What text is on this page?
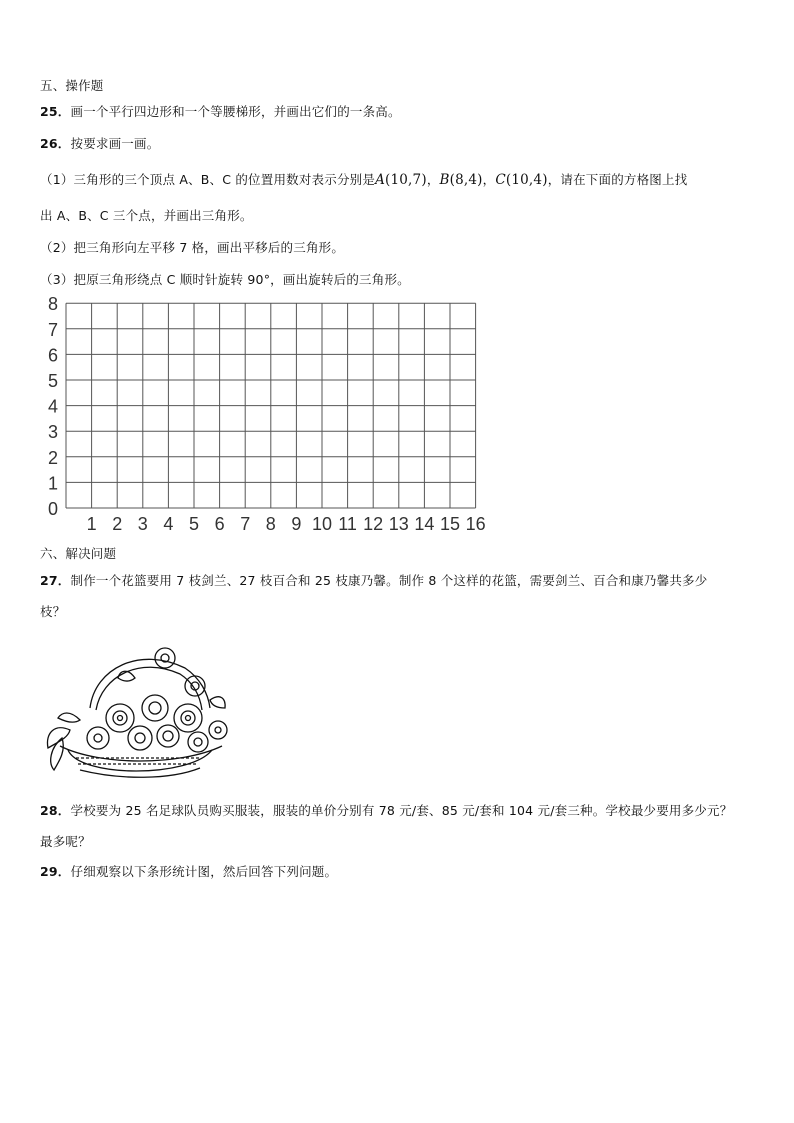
五、操作题
25．画一个平行四边形和一个等腰梯形，并画出它们的一条高。
26．按要求画一画。
（1）三角形的三个顶点 A、B、C 的位置用数对表示分别是A(10,7)，B(8,4)，C(10,4)，请在下面的方格图上找
出 A、B、C 三个点，并画出三角形。
（2）把三角形向左平移 7 格，画出平移后的三角形。
（3）把原三角形绕点 C 顺时针旋转 90°，画出旋转后的三角形。
1 2 3 4 5 6 7 8 9 10 11 12 13 14 15 16
0
1
2
3
4
5
6
7
8
六、解决问题
27．制作一个花篮要用 7 枝剑兰、27 枝百合和 25 枝康乃馨。制作 8 个这样的花篮，需要剑兰、百合和康乃馨共多少
枝？
28．学校要为 25 名足球队员购买服装，服装的单价分别有 78 元/套、85 元/套和 104 元/套三种。学校最少要用多少元？
最多呢？
29．仔细观察以下条形统计图，然后回答下列问题。
